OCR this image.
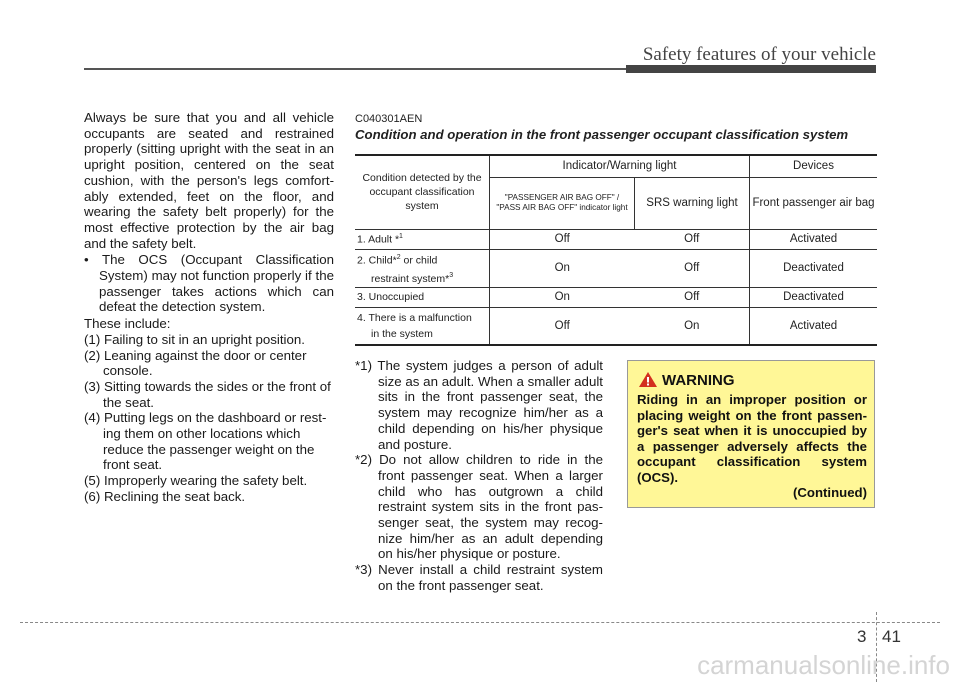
Safety features of your vehicle

Always be sure that you and all vehicle occupants are seated and restrained properly (sitting upright with the seat in an upright position, centered on the seat cushion, with the person's legs comfort-ably extended, feet on the floor, and wearing the safety belt properly) for the most effective protection by the air bag and the safety belt.

• The OCS (Occupant Classification System) may not function properly if the passenger takes actions which can defeat the detection system.

These include:

(1) Failing to sit in an upright position.

(2) Leaning against the door or center console.

(3) Sitting towards the sides or the front of the seat.

(4) Putting legs on the dashboard or rest-ing them on other locations which reduce the passenger weight on the front seat.

(5) Improperly wearing the safety belt.

(6) Reclining the seat back.

C040301AEN
Condition and operation in the front passenger occupant classification system
Condition detected by the occupant classification system	Indicator/Warning light		Devices
	"PASSENGER AIR BAG OFF" /
"PASS AIR BAG OFF" indicator light	SRS warning light	Front passenger air bag
1. Adult *$^1$	Off	Off	Activated
2. Child*$^2$ or child
restraint system*$^3$	On	Off	Deactivated
3. Unoccupied	On	Off	Deactivated
4. There is a malfunction
in the system	Off	On	Activated
*1) The system judges a person of adult size as an adult. When a smaller adult sits in the front passenger seat, the system may recognize him/her as a child depending on his/her physique and posture.
*2) Do not allow children to ride in the front passenger seat. When a larger child who has outgrown a child restraint system sits in the front pas-senger seat, the system may recog-nize him/her as an adult depending on his/her physique or posture.
*3) Never install a child restraint system on the front passenger seat.
WARNING
Riding in an improper position or placing weight on the front passen-ger's seat when it is unoccupied by a passenger adversely affects the occupant classification system (OCS).
(Continued)
3 41
carmanualsonline.info
